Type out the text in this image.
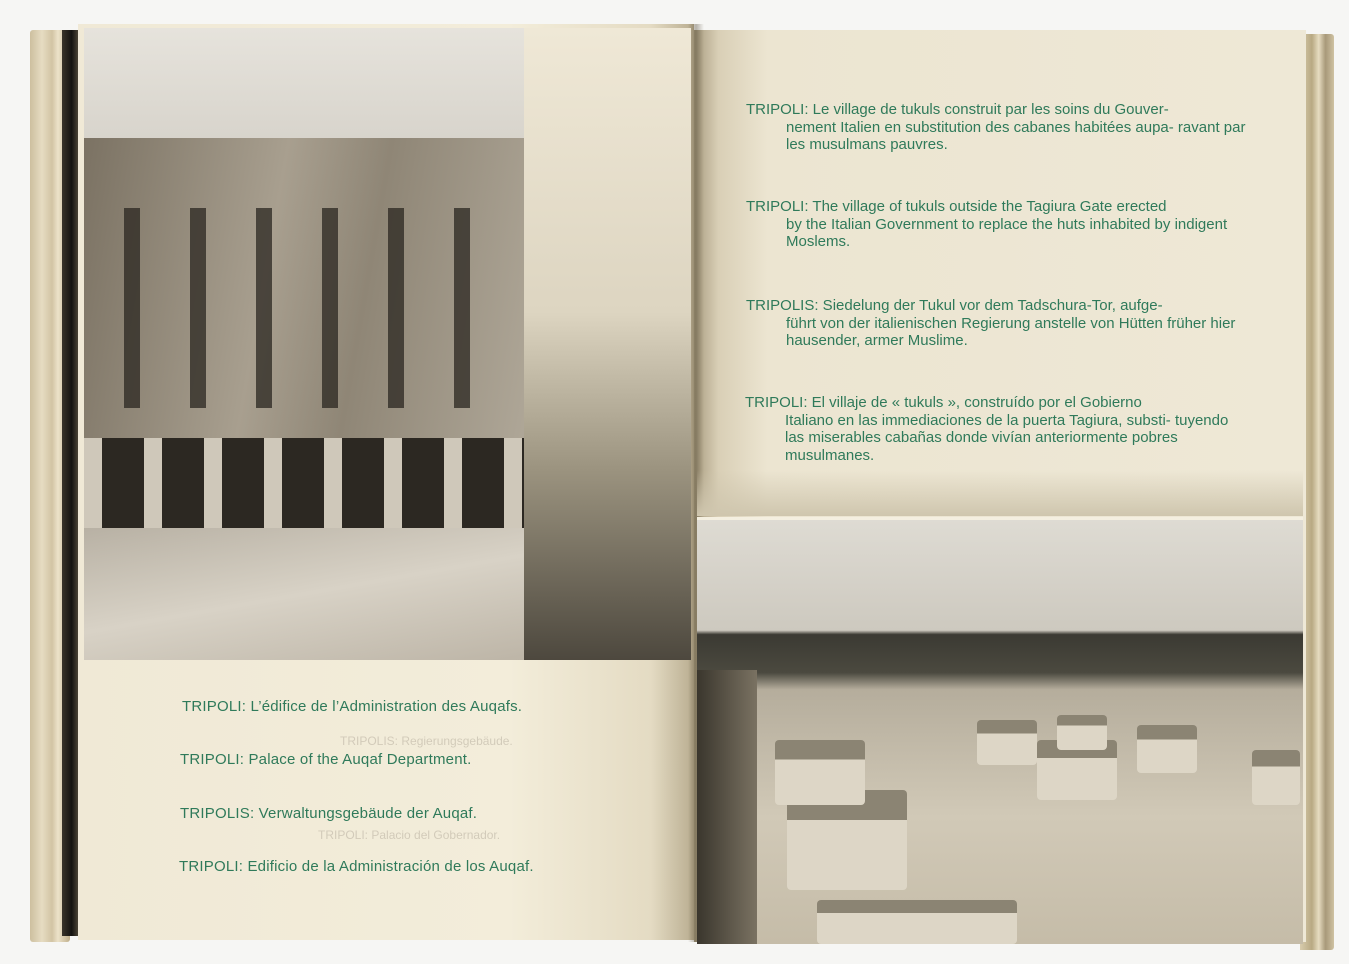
TRIPOLIS: Regierungsgebäude.
TRIPOLI: Palacio del Gobernador.
TRIPOLI: L’édifice de l’Administration des Auqafs.
TRIPOLI: Palace of the Auqaf Department.
TRIPOLIS: Verwaltungsgebäude der Auqaf.
TRIPOLI: Edificio de la Administración de los Auqaf.
TRIPOLI: Le village de tukuls construit par les soins du Gouver-
nement Italien en substitution des cabanes habitées aupa- ravant par les musulmans pauvres.
TRIPOLI: The village of tukuls outside the Tagiura Gate erected
by the Italian Government to replace the huts inhabited by indigent Moslems.
TRIPOLIS: Siedelung der Tukul vor dem Tadschura-Tor, aufge-
führt von der italienischen Regierung anstelle von Hütten früher hier hausender, armer Muslime.
TRIPOLI: El villaje de « tukuls », construído por el Gobierno
Italiano en las immediaciones de la puerta Tagiura, substi- tuyendo las miserables cabañas donde vivían anteriormente pobres musulmanes.
